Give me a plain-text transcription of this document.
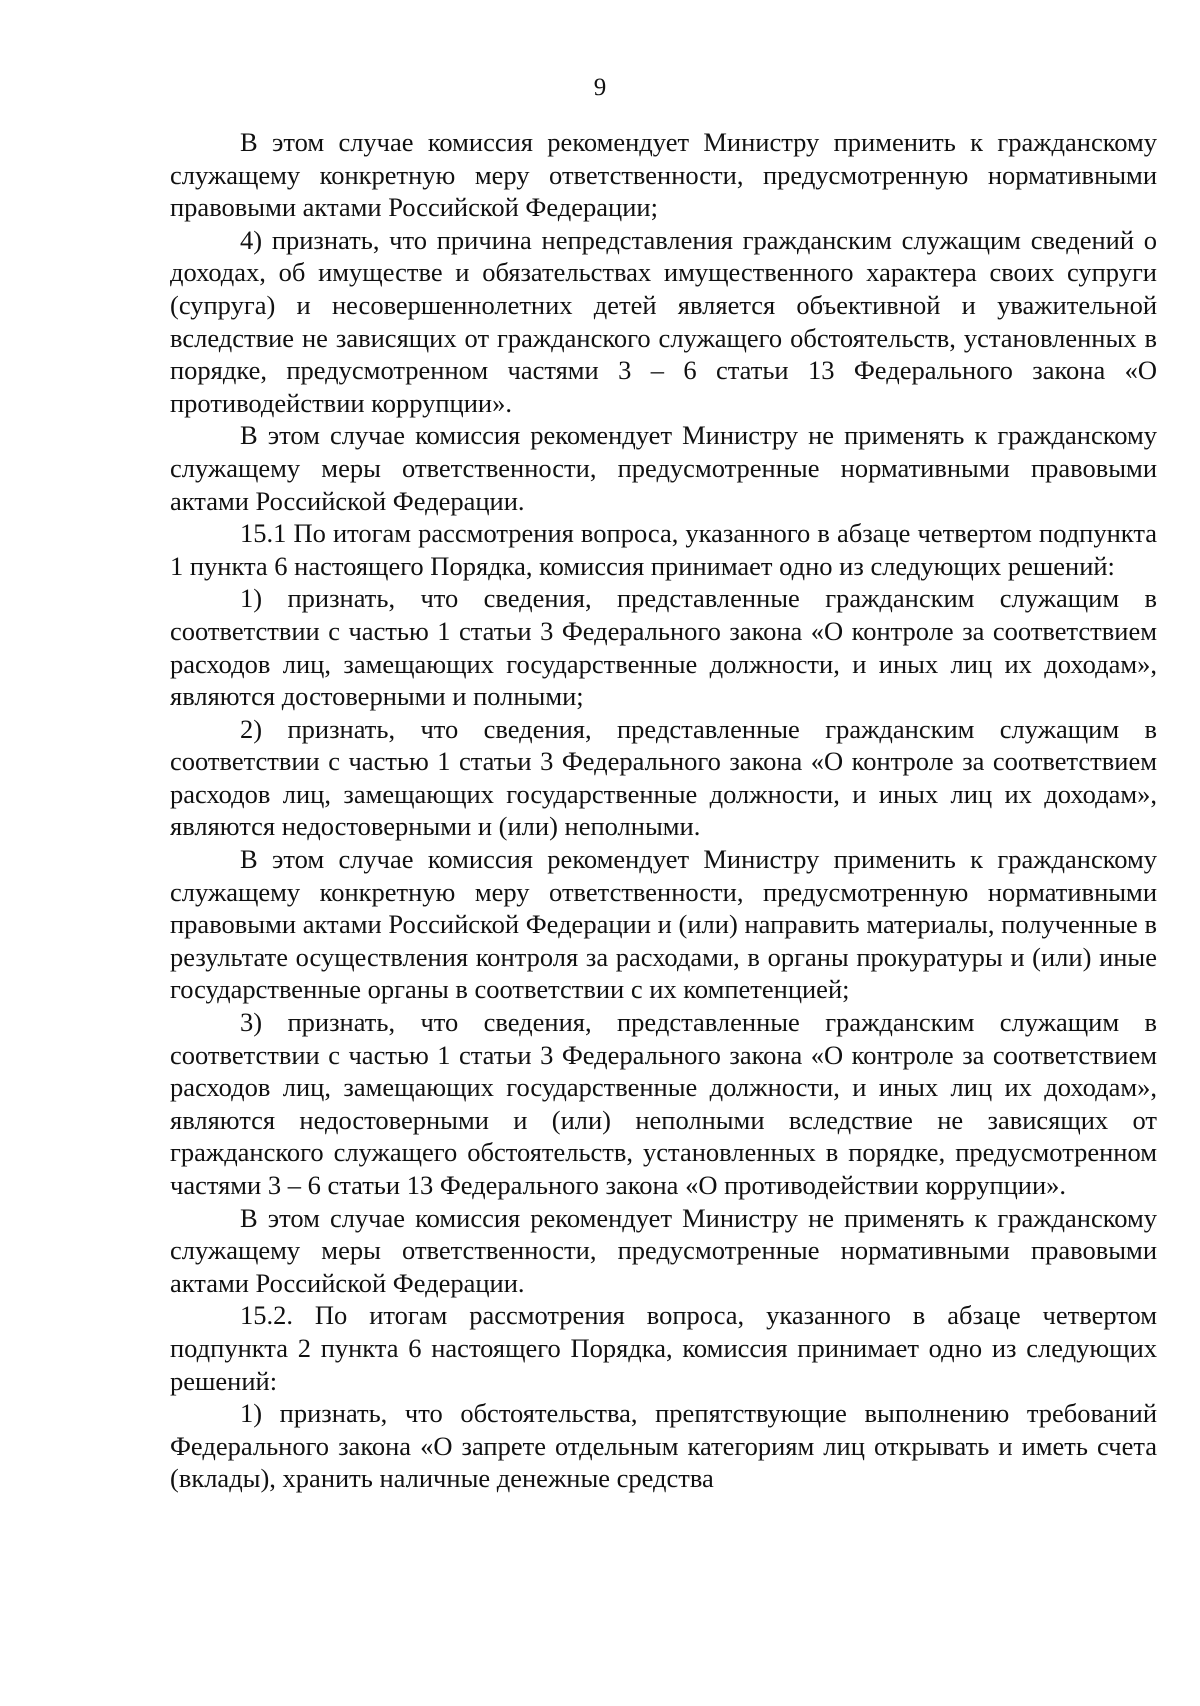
9

В этом случае комиссия рекомендует Министру применить к гражданскому служащему конкретную меру ответственности, предусмотренную нормативными правовыми актами Российской Федерации;

4) признать, что причина непредставления гражданским служащим сведений о доходах, об имуществе и обязательствах имущественного характера своих супруги (супруга) и несовершеннолетних детей является объективной и уважительной вследствие не зависящих от гражданского служащего обстоятельств, установленных в порядке, предусмотренном частями 3 – 6 статьи 13 Федерального закона «О противодействии коррупции».

В этом случае комиссия рекомендует Министру не применять к гражданскому служащему меры ответственности, предусмотренные нормативными правовыми актами Российской Федерации.

15.1 По итогам рассмотрения вопроса, указанного в абзаце четвертом подпункта 1 пункта 6 настоящего Порядка, комиссия принимает одно из следующих решений:

1) признать, что сведения, представленные гражданским служащим в соответствии с частью 1 статьи 3 Федерального закона «О контроле за соответствием расходов лиц, замещающих государственные должности, и иных лиц их доходам», являются достоверными и полными;

2) признать, что сведения, представленные гражданским служащим в соответствии с частью 1 статьи 3 Федерального закона «О контроле за соответствием расходов лиц, замещающих государственные должности, и иных лиц их доходам», являются недостоверными и (или) неполными.

В этом случае комиссия рекомендует Министру применить к гражданскому служащему конкретную меру ответственности, предусмотренную нормативными правовыми актами Российской Федерации и (или) направить материалы, полученные в результате осуществления контроля за расходами, в органы прокуратуры и (или) иные государственные органы в соответствии с их компетенцией;

3) признать, что сведения, представленные гражданским служащим в соответствии с частью 1 статьи 3 Федерального закона «О контроле за соответствием расходов лиц, замещающих государственные должности, и иных лиц их доходам», являются недостоверными и (или) неполными вследствие не зависящих от гражданского служащего обстоятельств, установленных в порядке, предусмотренном частями 3 – 6 статьи 13 Федерального закона «О противодействии коррупции».

В этом случае комиссия рекомендует Министру не применять к гражданскому служащему меры ответственности, предусмотренные нормативными правовыми актами Российской Федерации.

15.2. По итогам рассмотрения вопроса, указанного в абзаце четвертом подпункта 2 пункта 6 настоящего Порядка, комиссия принимает одно из следующих решений:

1) признать, что обстоятельства, препятствующие выполнению требований Федерального закона «О запрете отдельным категориям лиц открывать и иметь счета (вклады), хранить наличные денежные средства
